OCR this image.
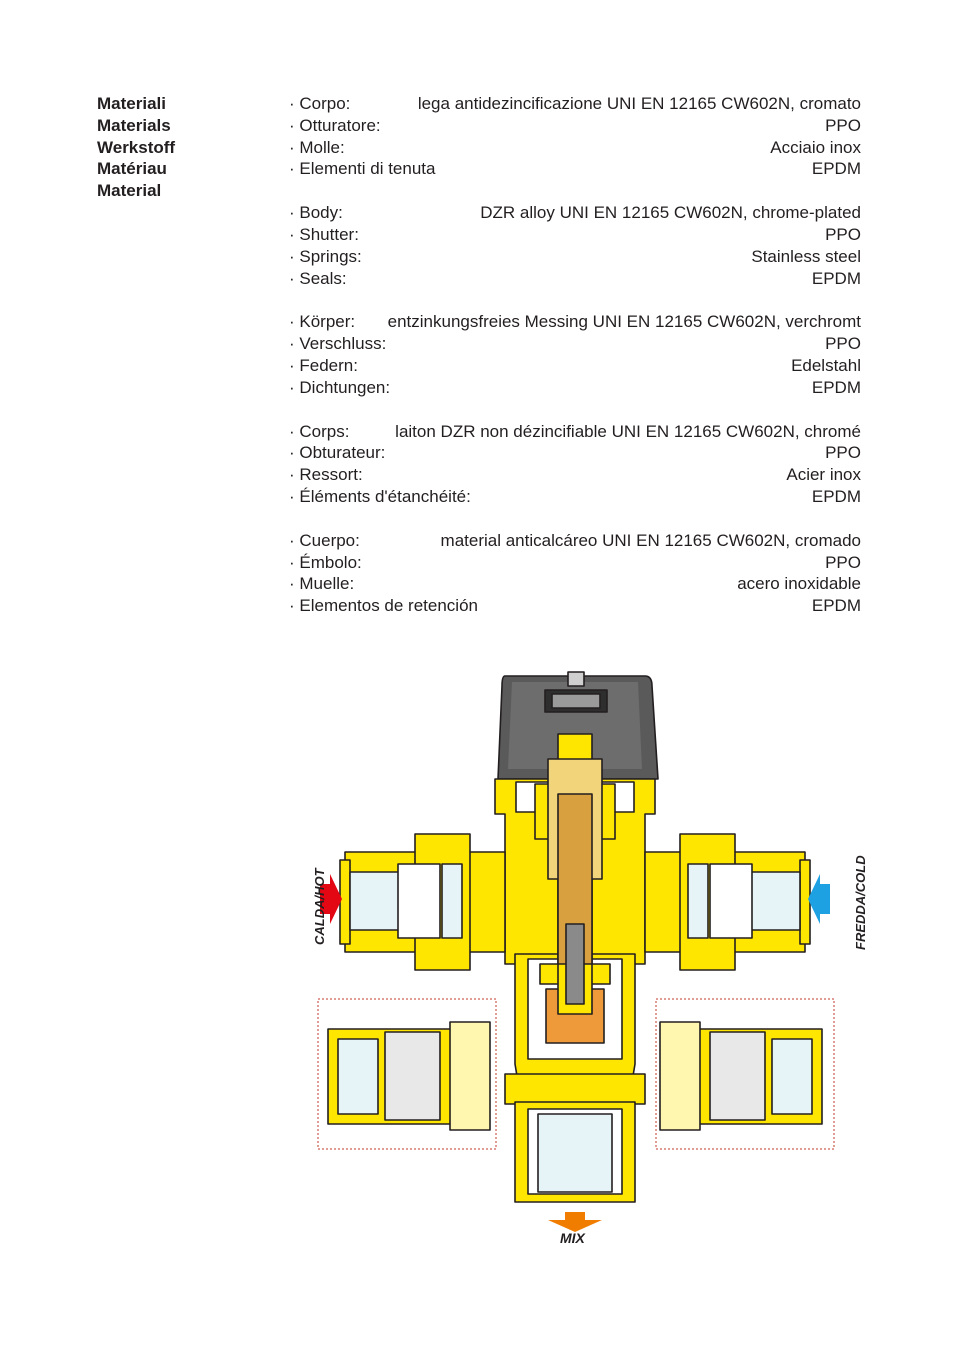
Materiali
Materials
Werkstoff
Matériau
Material
· Corpo:	lega antidezincificazione UNI EN 12165 CW602N, cromato
· Otturatore:	PPO
· Molle:	Acciaio inox
· Elementi di tenuta	EPDM
· Body:	DZR alloy UNI EN 12165 CW602N, chrome-plated
· Shutter:	PPO
· Springs:	Stainless steel
· Seals:	EPDM
· Körper:	entzinkungsfreies Messing UNI EN 12165 CW602N, verchromt
· Verschluss:	PPO
· Federn:	Edelstahl
· Dichtungen:	EPDM
· Corps:	laiton DZR non dézincifiable UNI EN 12165 CW602N, chromé
· Obturateur:	PPO
· Ressort:	Acier inox
· Éléments d'étanchéité:	EPDM
· Cuerpo:	material anticalcáreo UNI EN 12165 CW602N, cromado
· Émbolo:	PPO
· Muelle:	acero inoxidable
· Elementos de retención	EPDM
CALDA/HOT	FREDDA/COLD
MIX
